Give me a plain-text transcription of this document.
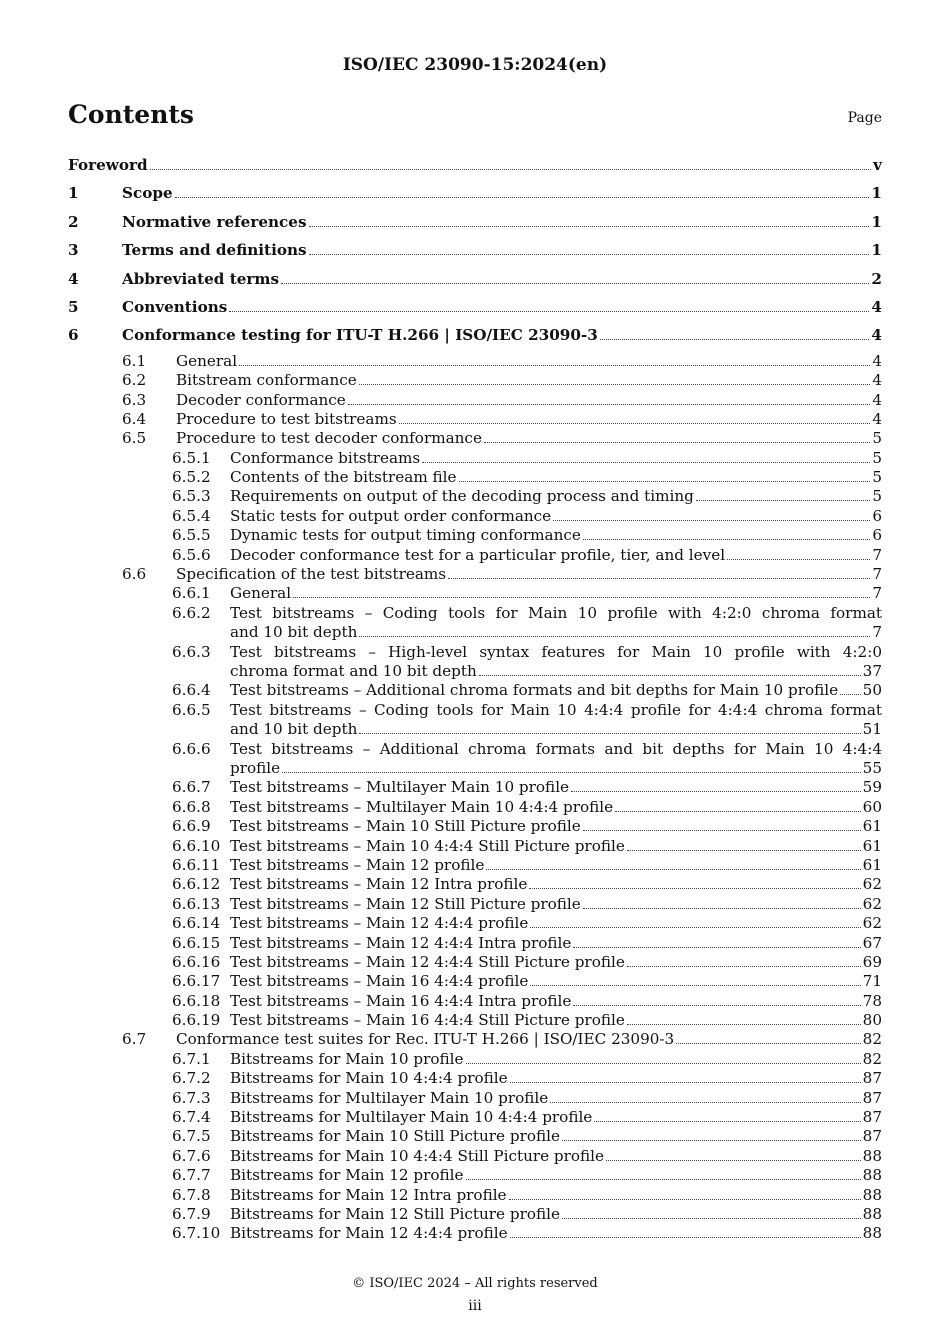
ISO/IEC 23090-15:2024(en)
Contents	Page
Foreword	v
1	Scope	1
2	Normative references	1
3	Terms and definitions	1
4	Abbreviated terms	2
5	Conventions	4
6	Conformance testing for ITU-T H.266 | ISO/IEC 23090-3	4
6.1 General	4
6.2 Bitstream conformance	4
6.3 Decoder conformance	4
6.4 Procedure to test bitstreams	4
6.5 Procedure to test decoder conformance	5
6.5.1 Conformance bitstreams	5
6.5.2 Contents of the bitstream file	5
6.5.3 Requirements on output of the decoding process and timing	5
6.5.4 Static tests for output order conformance	6
6.5.5 Dynamic tests for output timing conformance	6
6.5.6 Decoder conformance test for a particular profile, tier, and level	7
6.6 Specification of the test bitstreams	7
6.6.1 General	7
6.6.2 Test bitstreams – Coding tools for Main 10 profile with 4:2:0 chroma format
and 10 bit depth	7
6.6.3 Test bitstreams – High-level syntax features for Main 10 profile with 4:2:0
chroma format and 10 bit depth	37
6.6.4 Test bitstreams – Additional chroma formats and bit depths for Main 10 profile 50
6.6.5 Test bitstreams – Coding tools for Main 10 4:4:4 profile for 4:4:4 chroma format
and 10 bit depth	51
6.6.6 Test bitstreams – Additional chroma formats and bit depths for Main 10 4:4:4
profile	55
6.6.7 Test bitstreams – Multilayer Main 10 profile	59
6.6.8 Test bitstreams – Multilayer Main 10 4:4:4 profile	60
6.6.9 Test bitstreams – Main 10 Still Picture profile	61
6.6.10 Test bitstreams – Main 10 4:4:4 Still Picture profile	61
6.6.11 Test bitstreams – Main 12 profile	61
6.6.12 Test bitstreams – Main 12 Intra profile	62
6.6.13 Test bitstreams – Main 12 Still Picture profile	62
6.6.14 Test bitstreams – Main 12 4:4:4 profile	62
6.6.15 Test bitstreams – Main 12 4:4:4 Intra profile	67
6.6.16 Test bitstreams – Main 12 4:4:4 Still Picture profile	69
6.6.17 Test bitstreams – Main 16 4:4:4 profile	71
6.6.18 Test bitstreams – Main 16 4:4:4 Intra profile	78
6.6.19 Test bitstreams – Main 16 4:4:4 Still Picture profile	80
6.7 Conformance test suites for Rec. ITU-T H.266 | ISO/IEC 23090-3	82
6.7.1 Bitstreams for Main 10 profile	82
6.7.2 Bitstreams for Main 10 4:4:4 profile	87
6.7.3 Bitstreams for Multilayer Main 10 profile	87
6.7.4 Bitstreams for Multilayer Main 10 4:4:4 profile	87
6.7.5 Bitstreams for Main 10 Still Picture profile	87
6.7.6 Bitstreams for Main 10 4:4:4 Still Picture profile	88
6.7.7 Bitstreams for Main 12 profile	88
6.7.8 Bitstreams for Main 12 Intra profile	88
6.7.9 Bitstreams for Main 12 Still Picture profile	88
6.7.10 Bitstreams for Main 12 4:4:4 profile	88
© ISO/IEC 2024 – All rights reserved
iii
